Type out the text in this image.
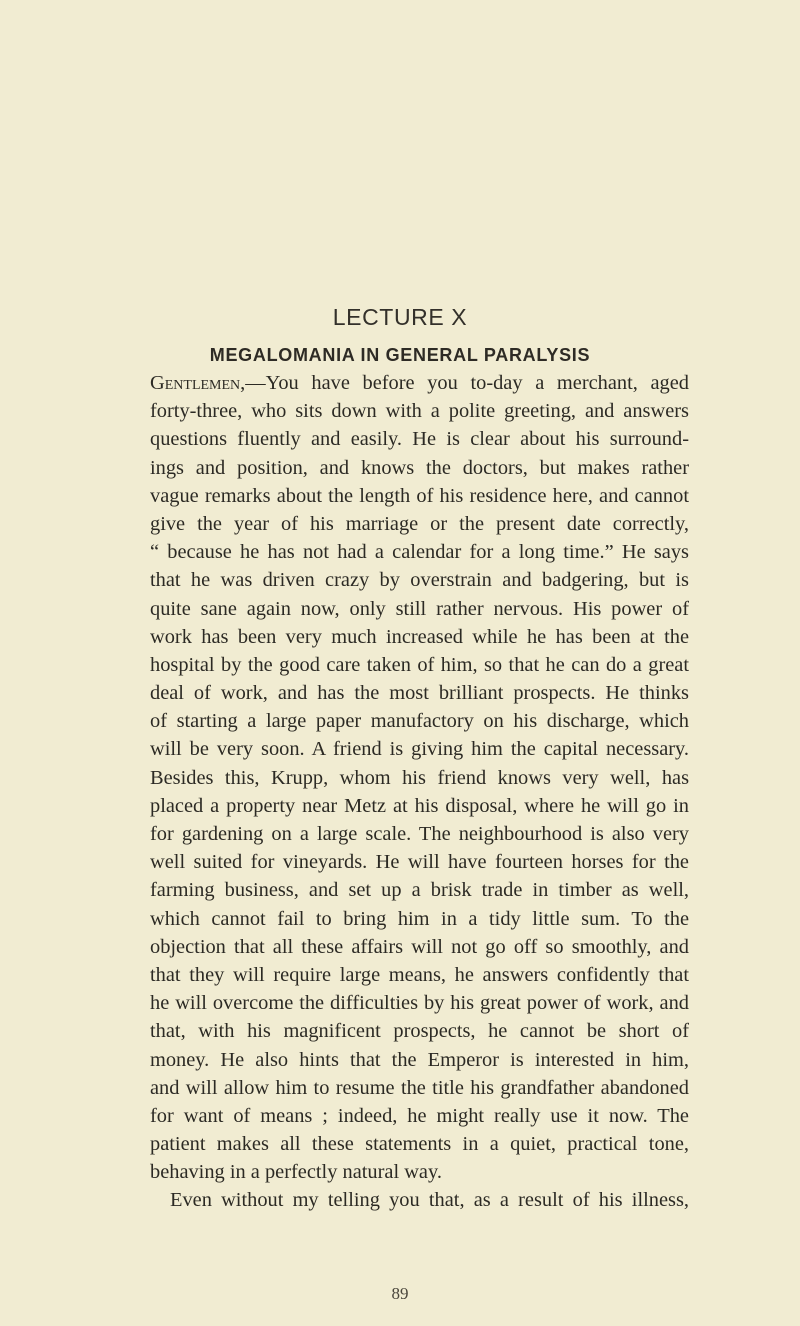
LECTURE X
MEGALOMANIA IN GENERAL PARALYSIS
Gentlemen,—You have before you to-day a merchant, aged
forty-three, who sits down with a polite greeting, and answers
questions fluently and easily. He is clear about his surround-
ings and position, and knows the doctors, but makes rather
vague remarks about the length of his residence here, and cannot
give the year of his marriage or the present date correctly,
“ because he has not had a calendar for a long time.” He says
that he was driven crazy by overstrain and badgering, but is
quite sane again now, only still rather nervous. His power of
work has been very much increased while he has been at the
hospital by the good care taken of him, so that he can do a great
deal of work, and has the most brilliant prospects. He thinks
of starting a large paper manufactory on his discharge, which
will be very soon. A friend is giving him the capital necessary.
Besides this, Krupp, whom his friend knows very well, has
placed a property near Metz at his disposal, where he will go in
for gardening on a large scale. The neighbourhood is also very
well suited for vineyards. He will have fourteen horses for the
farming business, and set up a brisk trade in timber as well,
which cannot fail to bring him in a tidy little sum. To the
objection that all these affairs will not go off so smoothly, and
that they will require large means, he answers confidently that
he will overcome the difficulties by his great power of work, and
that, with his magnificent prospects, he cannot be short of
money. He also hints that the Emperor is interested in him,
and will allow him to resume the title his grandfather abandoned
for want of means ; indeed, he might really use it now. The
patient makes all these statements in a quiet, practical tone,
behaving in a perfectly natural way.
Even without my telling you that, as a result of his illness,
89
